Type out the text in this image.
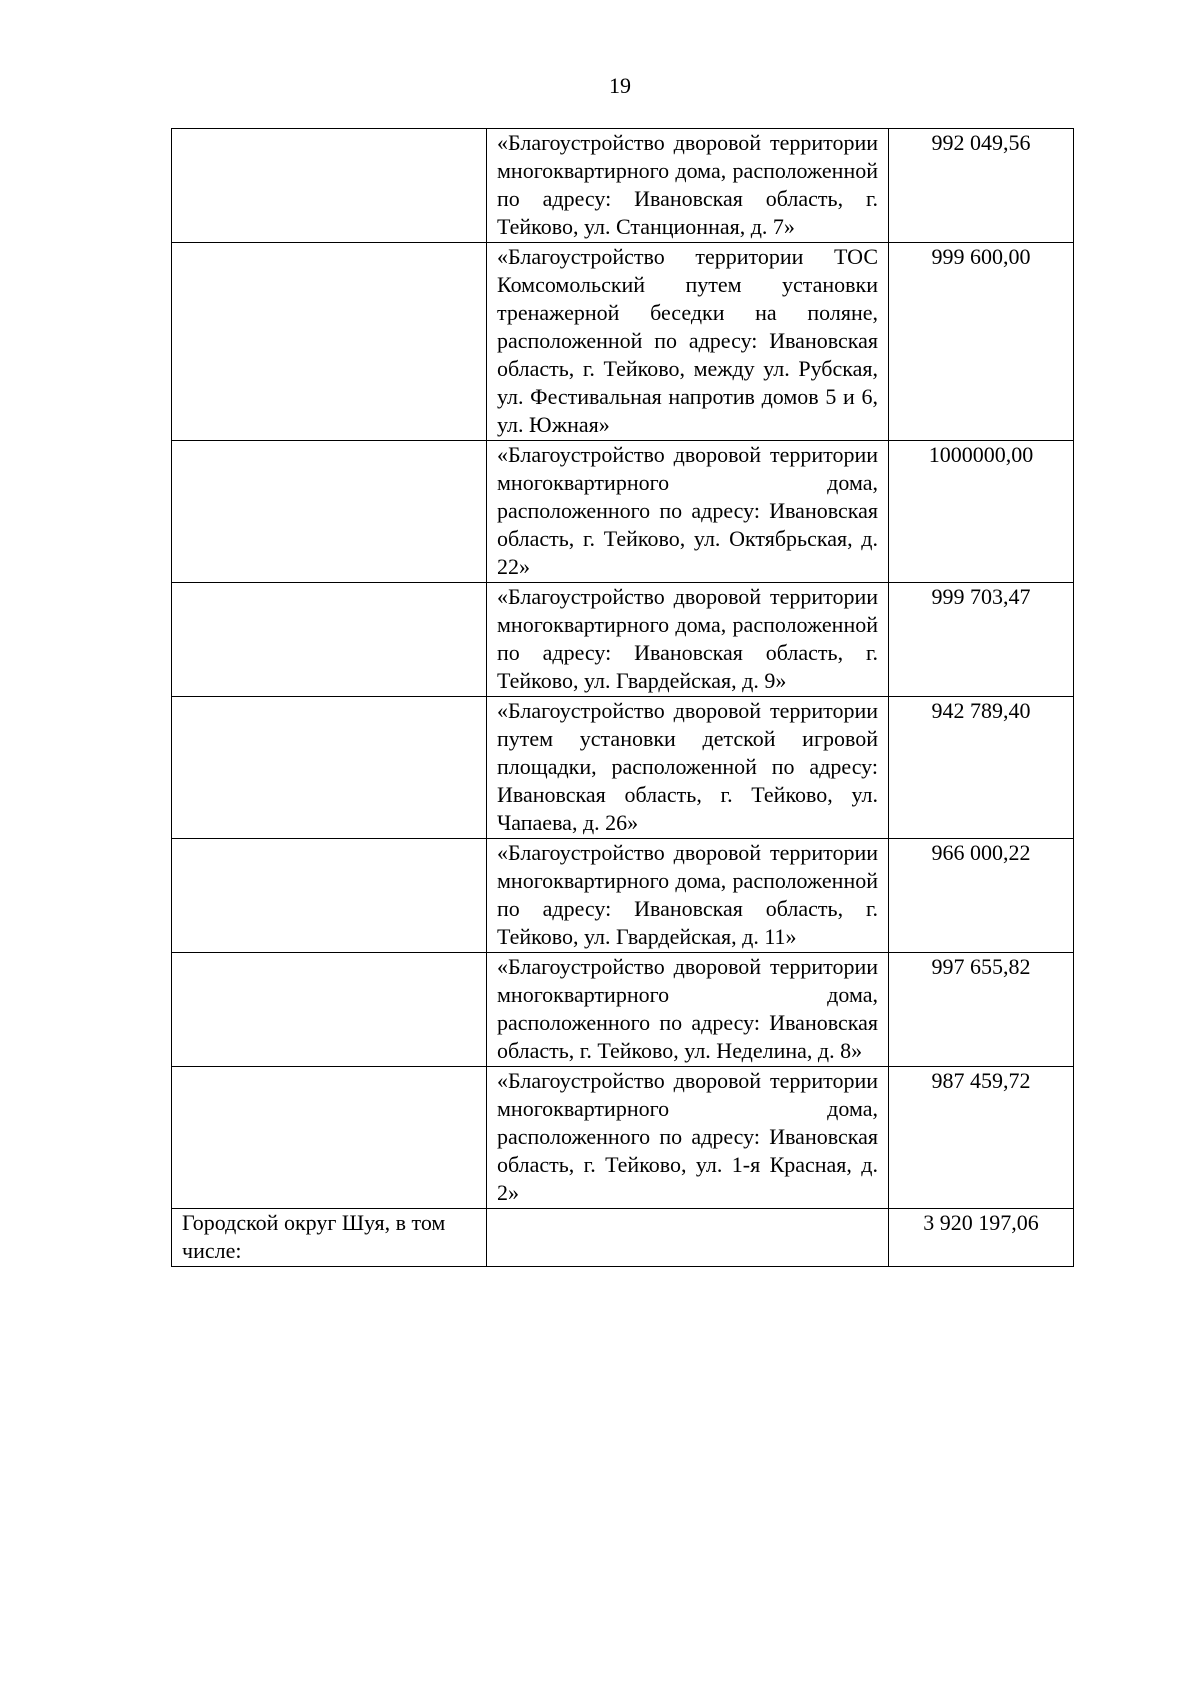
19
	«Благоустройство дворовой территории многоквартирного дома, расположенной по адресу: Ивановская область, г. Тейково, ул. Станционная, д. 7»	992 049,56
	«Благоустройство территории ТОС Комсомольский путем установки тренажерной беседки на поляне, расположенной по адресу: Ивановская область, г. Тейково, между ул. Рубская, ул. Фестивальная напротив домов 5 и 6, ул. Южная»	999 600,00
	«Благоустройство дворовой территории многоквартирного дома, расположенного по адресу: Ивановская область, г. Тейково, ул. Октябрьская, д. 22»	1000000,00
	«Благоустройство дворовой территории многоквартирного дома, расположенной по адресу: Ивановская область, г. Тейково, ул. Гвардейская, д. 9»	999 703,47
	«Благоустройство дворовой территории путем установки детской игровой площадки, расположенной по адресу: Ивановская область, г. Тейково, ул. Чапаева, д. 26»	942 789,40
	«Благоустройство дворовой территории многоквартирного дома, расположенной по адресу: Ивановская область, г. Тейково, ул. Гвардейская, д. 11»	966 000,22
	«Благоустройство дворовой территории многоквартирного дома, расположенного по адресу: Ивановская область, г. Тейково, ул. Неделина, д. 8»	997 655,82
	«Благоустройство дворовой территории многоквартирного дома, расположенного по адресу: Ивановская область, г. Тейково, ул. 1-я Красная, д. 2»	987 459,72
Городской округ Шуя, в том числе:		3 920 197,06
